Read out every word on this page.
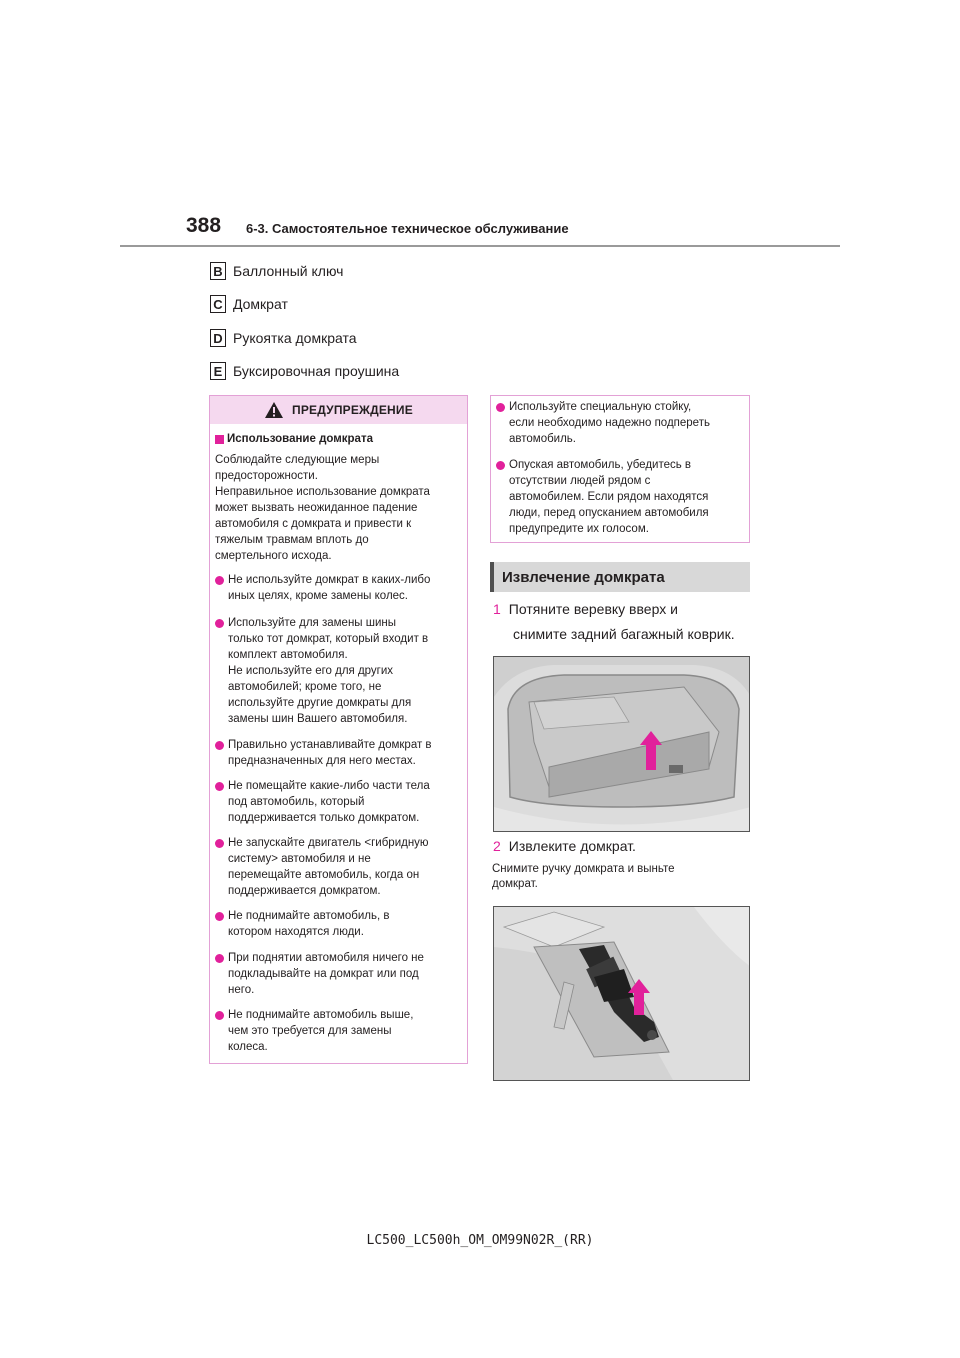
388 6-3. Самостоятельное техническое обслуживание
B Баллонный ключ
C Домкрат
D Рукоятка домкрата
E Буксировочная проушина
ПРЕДУПРЕЖДЕНИЕ
Использование домкрата
Соблюдайте следующие меры
предосторожности.
Неправильное использование домкрата
может вызвать неожиданное падение
автомобиля с домкрата и привести к
тяжелым травмам вплоть до
смертельного исхода.
Не используйте домкрат в каких-либо
иных целях, кроме замены колес.
Используйте для замены шины
только тот домкрат, который входит в
комплект автомобиля.
Не используйте его для других
автомобилей; кроме того, не
используйте другие домкраты для
замены шин Вашего автомобиля.
Правильно устанавливайте домкрат в
предназначенных для него местах.
Не помещайте какие-либо части тела
под автомобиль, который
поддерживается только домкратом.
Не запускайте двигатель <гибридную
систему> автомобиля и не
перемещайте автомобиль, когда он
поддерживается домкратом.
Не поднимайте автомобиль, в
котором находятся люди.
При поднятии автомобиля ничего не
подкладывайте на домкрат или под
него.
Не поднимайте автомобиль выше,
чем это требуется для замены
колеса.
Используйте специальную стойку,
если необходимо надежно подпереть
автомобиль.
Опуская автомобиль, убедитесь в
отсутствии людей рядом с
автомобилем. Если рядом находятся
люди, перед опусканием автомобиля
предупредите их голосом.
Извлечение домкрата
1 Потяните веревку вверх и
снимите задний багажный коврик.
2 Извлеките домкрат.
Снимите ручку домкрата и выньте
домкрат.
LC500_LC500h_OM_OM99N02R_(RR)
